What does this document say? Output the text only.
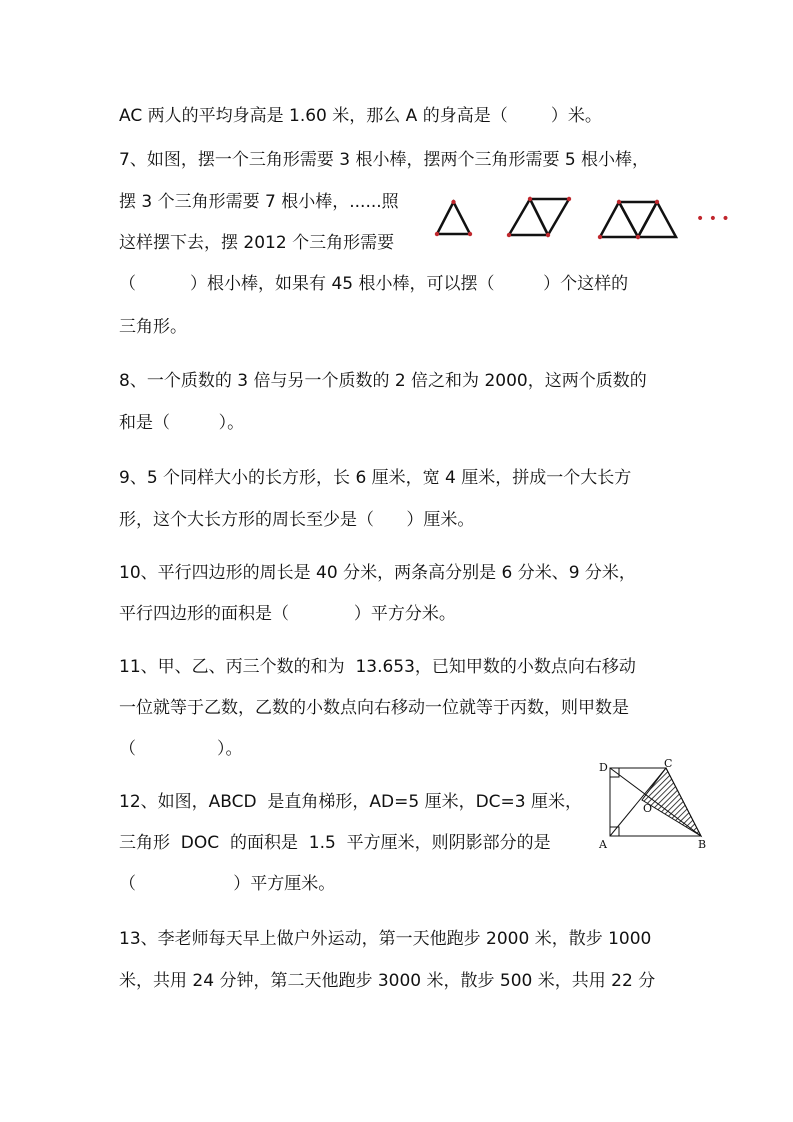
AC 两人的平均身高是 1.60 米，那么 A 的身高是（        ）米。
7、如图，摆一个三角形需要 3 根小棒，摆两个三角形需要 5 根小棒，
摆 3 个三角形需要 7 根小棒，......照
这样摆下去，摆 2012 个三角形需要
（          ）根小棒，如果有 45 根小棒，可以摆（         ）个这样的
三角形。
8、一个质数的 3 倍与另一个质数的 2 倍之和为 2000，这两个质数的
和是（         ）。
9、5 个同样大小的长方形，长 6 厘米，宽 4 厘米，拼成一个大长方
形，这个大长方形的周长至少是（      ）厘米。
10、平行四边形的周长是 40 分米，两条高分别是 6 分米、9 分米，
平行四边形的面积是（            ）平方分米。
11、甲、乙、丙三个数的和为  13.653，已知甲数的小数点向右移动
一位就等于乙数，乙数的小数点向右移动一位就等于丙数，则甲数是
（               ）。
12、如图，ABCD  是直角梯形，AD=5 厘米，DC=3 厘米，
三角形  DOC  的面积是  1.5  平方厘米，则阴影部分的是
（                  ）平方厘米。
13、李老师每天早上做户外运动，第一天他跑步 2000 米，散步 1000
米，共用 24 分钟，第二天他跑步 3000 米，散步 500 米，共用 22 分
• • •
D	C
O
A	B
